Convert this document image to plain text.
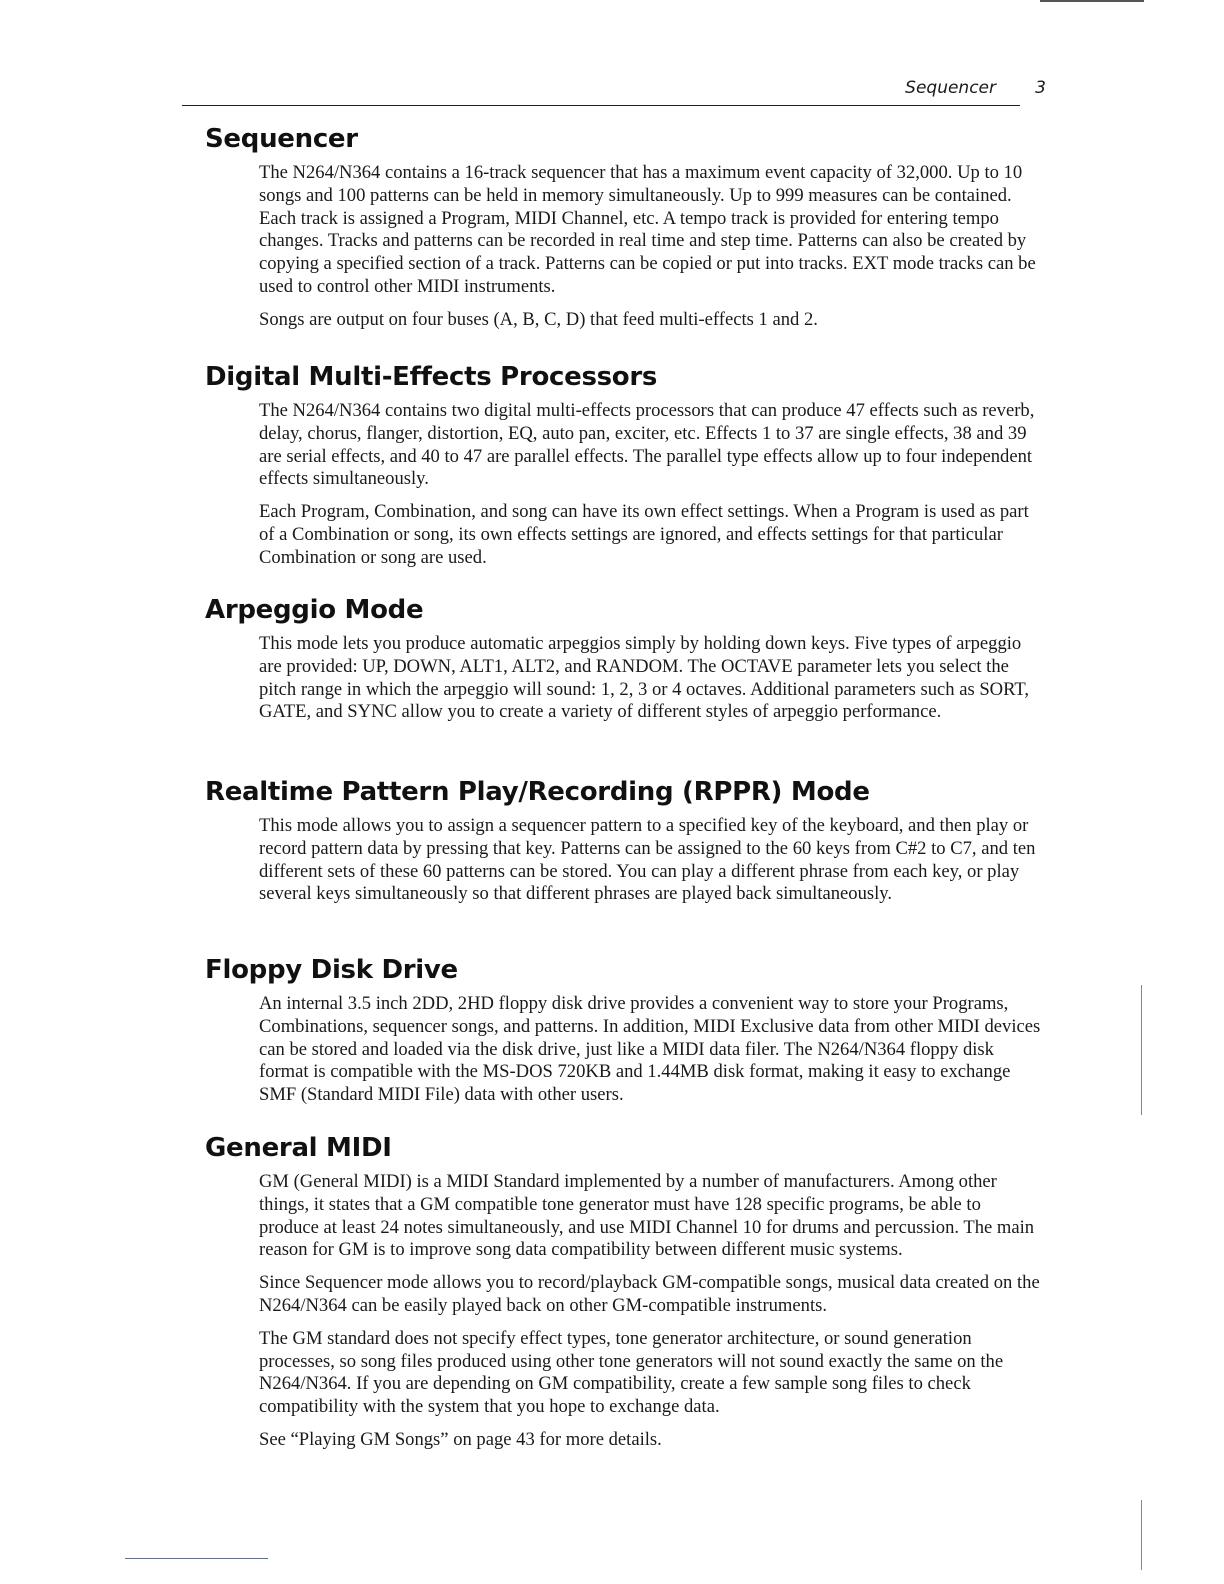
Sequencer 3
Sequencer

The N264/N364 contains a 16-track sequencer that has a maximum event capacity of 32,000. Up to 10 songs and 100 patterns can be held in memory simultaneously. Up to 999 measures can be contained. Each track is assigned a Program, MIDI Channel, etc. A tempo track is provided for entering tempo changes. Tracks and patterns can be recorded in real time and step time. Patterns can also be created by copying a specified section of a track. Patterns can be copied or put into tracks. EXT mode tracks can be used to control other MIDI instruments.

Songs are output on four buses (A, B, C, D) that feed multi-effects 1 and 2.

Digital Multi-Effects Processors

The N264/N364 contains two digital multi-effects processors that can produce 47 effects such as reverb, delay, chorus, flanger, distortion, EQ, auto pan, exciter, etc. Effects 1 to 37 are single effects, 38 and 39 are serial effects, and 40 to 47 are parallel effects. The parallel type effects allow up to four independent effects simultaneously.

Each Program, Combination, and song can have its own effect settings. When a Program is used as part of a Combination or song, its own effects settings are ignored, and effects settings for that particular Combination or song are used.

Arpeggio Mode

This mode lets you produce automatic arpeggios simply by holding down keys. Five types of arpeggio are provided: UP, DOWN, ALT1, ALT2, and RANDOM. The OCTAVE parameter lets you select the pitch range in which the arpeggio will sound: 1, 2, 3 or 4 octaves. Additional parameters such as SORT, GATE, and SYNC allow you to create a variety of different styles of arpeggio performance.

Realtime Pattern Play/Recording (RPPR) Mode

This mode allows you to assign a sequencer pattern to a specified key of the keyboard, and then play or record pattern data by pressing that key. Patterns can be assigned to the 60 keys from C#2 to C7, and ten different sets of these 60 patterns can be stored. You can play a different phrase from each key, or play several keys simultaneously so that different phrases are played back simultaneously.

Floppy Disk Drive

An internal 3.5 inch 2DD, 2HD floppy disk drive provides a convenient way to store your Programs, Combinations, sequencer songs, and patterns. In addition, MIDI Exclusive data from other MIDI devices can be stored and loaded via the disk drive, just like a MIDI data filer. The N264/N364 floppy disk format is compatible with the MS-DOS 720KB and 1.44MB disk format, making it easy to exchange SMF (Standard MIDI File) data with other users.

General MIDI

GM (General MIDI) is a MIDI Standard implemented by a number of manufacturers. Among other things, it states that a GM compatible tone generator must have 128 specific programs, be able to produce at least 24 notes simultaneously, and use MIDI Channel 10 for drums and percussion. The main reason for GM is to improve song data compatibility between different music systems.

Since Sequencer mode allows you to record/playback GM-compatible songs, musical data created on the N264/N364 can be easily played back on other GM-compatible instruments.

The GM standard does not specify effect types, tone generator architecture, or sound generation processes, so song files produced using other tone generators will not sound exactly the same on the N264/N364. If you are depending on GM compatibility, create a few sample song files to check compatibility with the system that you hope to exchange data.

See “Playing GM Songs” on page 43 for more details.
